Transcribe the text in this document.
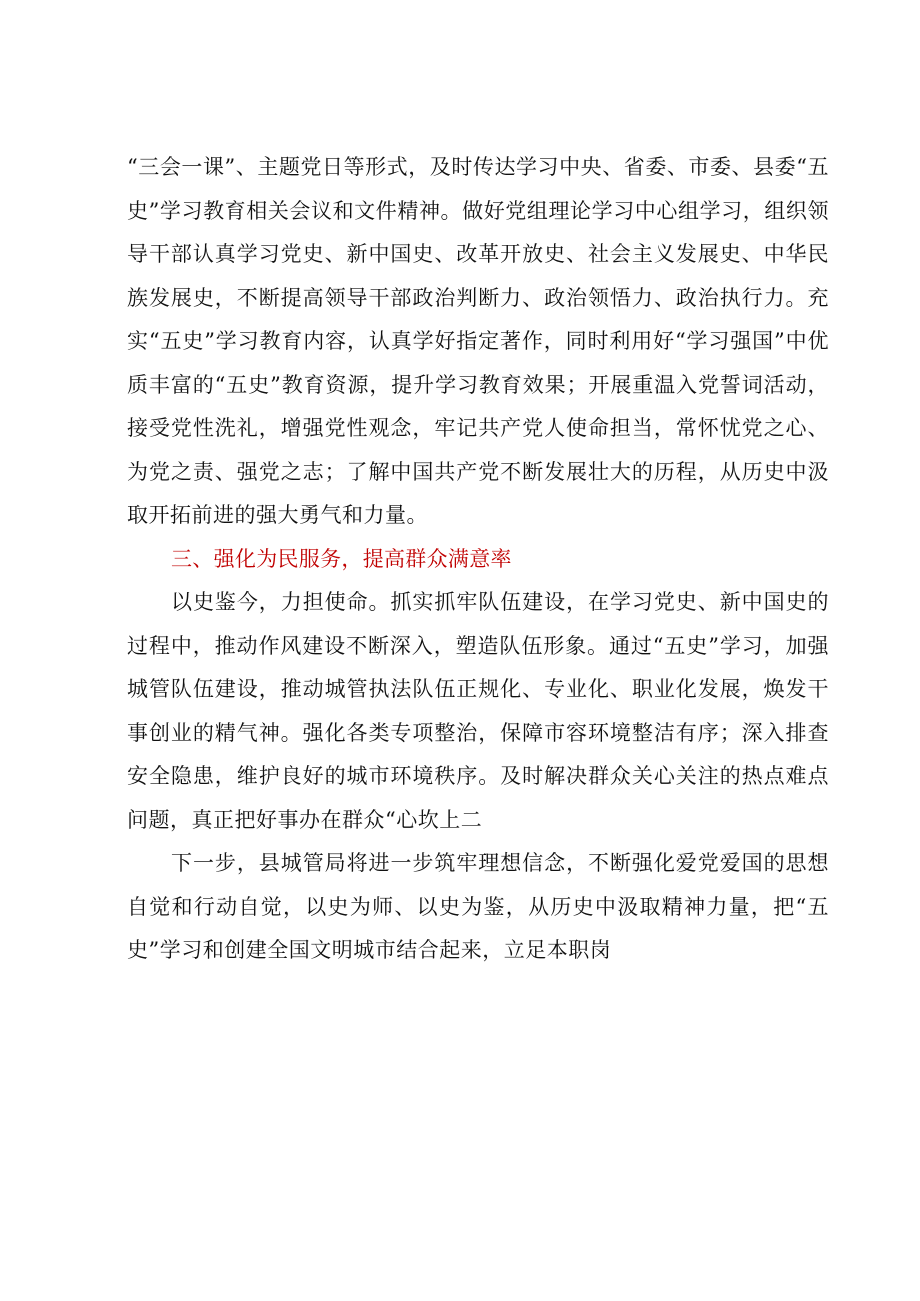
“三会一课”、主题党日等形式，及时传达学习中央、省委、市委、县委“五史”学习教育相关会议和文件精神。做好党组理论学习中心组学习，组织领导干部认真学习党史、新中国史、改革开放史、社会主义发展史、中华民族发展史，不断提高领导干部政治判断力、政治领悟力、政治执行力。充实“五史”学习教育内容，认真学好指定著作，同时利用好“学习强国”中优质丰富的“五史”教育资源，提升学习教育效果；开展重温入党誓词活动，接受党性洗礼，增强党性观念，牢记共产党人使命担当，常怀忧党之心、为党之责、强党之志；了解中国共产党不断发展壮大的历程，从历史中汲取开拓前进的强大勇气和力量。

三、强化为民服务，提高群众满意率

以史鉴今，力担使命。抓实抓牢队伍建设，在学习党史、新中国史的过程中，推动作风建设不断深入，塑造队伍形象。通过“五史”学习，加强城管队伍建设，推动城管执法队伍正规化、专业化、职业化发展，焕发干事创业的精气神。强化各类专项整治，保障市容环境整洁有序；深入排查安全隐患，维护良好的城市环境秩序。及时解决群众关心关注的热点难点问题，真正把好事办在群众“心坎上二

下一步，县城管局将进一步筑牢理想信念，不断强化爱党爱国的思想自觉和行动自觉，以史为师、以史为鉴，从历史中汲取精神力量，把“五史”学习和创建全国文明城市结合起来，立足本职岗
